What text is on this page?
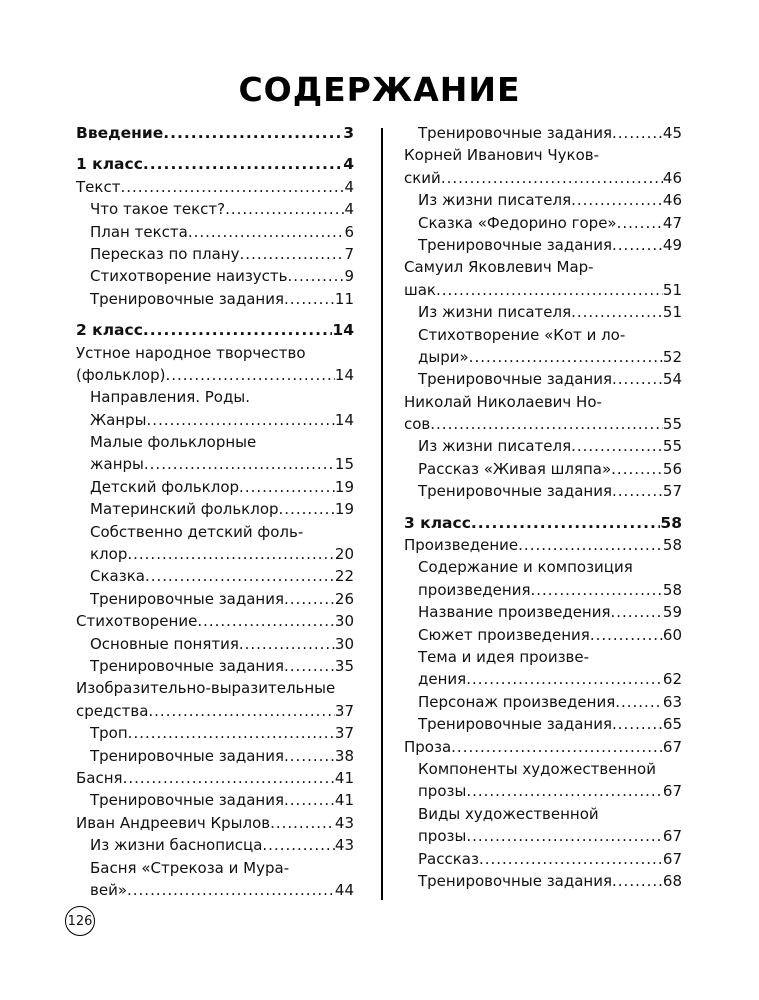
СОДЕРЖАНИЕ
Введение .....	3
1 класс .....	4
Текст .....	4
Что такое текст? .....	4
План текста .....	6
Пересказ по плану .....	7
Стихотворение наизусть .....	9
Тренировочные задания .....	11
2 класс .....	14
Устное народное творчество
(фольклор) .....	14
Направления. Роды.
Жанры .....	14
Малые фольклорные
жанры .....	15
Детский фольклор .....	19
Материнский фольклор .....	19
Собственно детский фоль-
клор .....	20
Сказка .....	22
Тренировочные задания .....	26
Стихотворение .....	30
Основные понятия .....	30
Тренировочные задания .....	35
Изобразительно-выразительные
средства .....	37
Троп .....	37
Тренировочные задания .....	38
Басня .....	41
Тренировочные задания .....	41
Иван Андреевич Крылов .....	43
Из жизни баснописца .....	43
Басня «Стрекоза и Мура-
вей» .....	44
Тренировочные задания .....	45
Корней Иванович Чуков-
ский .....	46
Из жизни писателя .....	46
Сказка «Федорино горе» .....	47
Тренировочные задания .....	49
Самуил Яковлевич Мар-
шак .....	51
Из жизни писателя .....	51
Стихотворение «Кот и ло-
дыри» .....	52
Тренировочные задания .....	54
Николай Николаевич Но-
сов .....	55
Из жизни писателя .....	55
Рассказ «Живая шляпа» .....	56
Тренировочные задания .....	57
3 класс .....	58
Произведение .....	58
Содержание и композиция
произведения .....	58
Название произведения .....	59
Сюжет произведения .....	60
Тема и идея произве-
дения .....	62
Персонаж произведения .....	63
Тренировочные задания .....	65
Проза .....	67
Компоненты художественной
прозы .....	67
Виды художественной
прозы .....	67
Рассказ .....	67
Тренировочные задания .....	68
126
